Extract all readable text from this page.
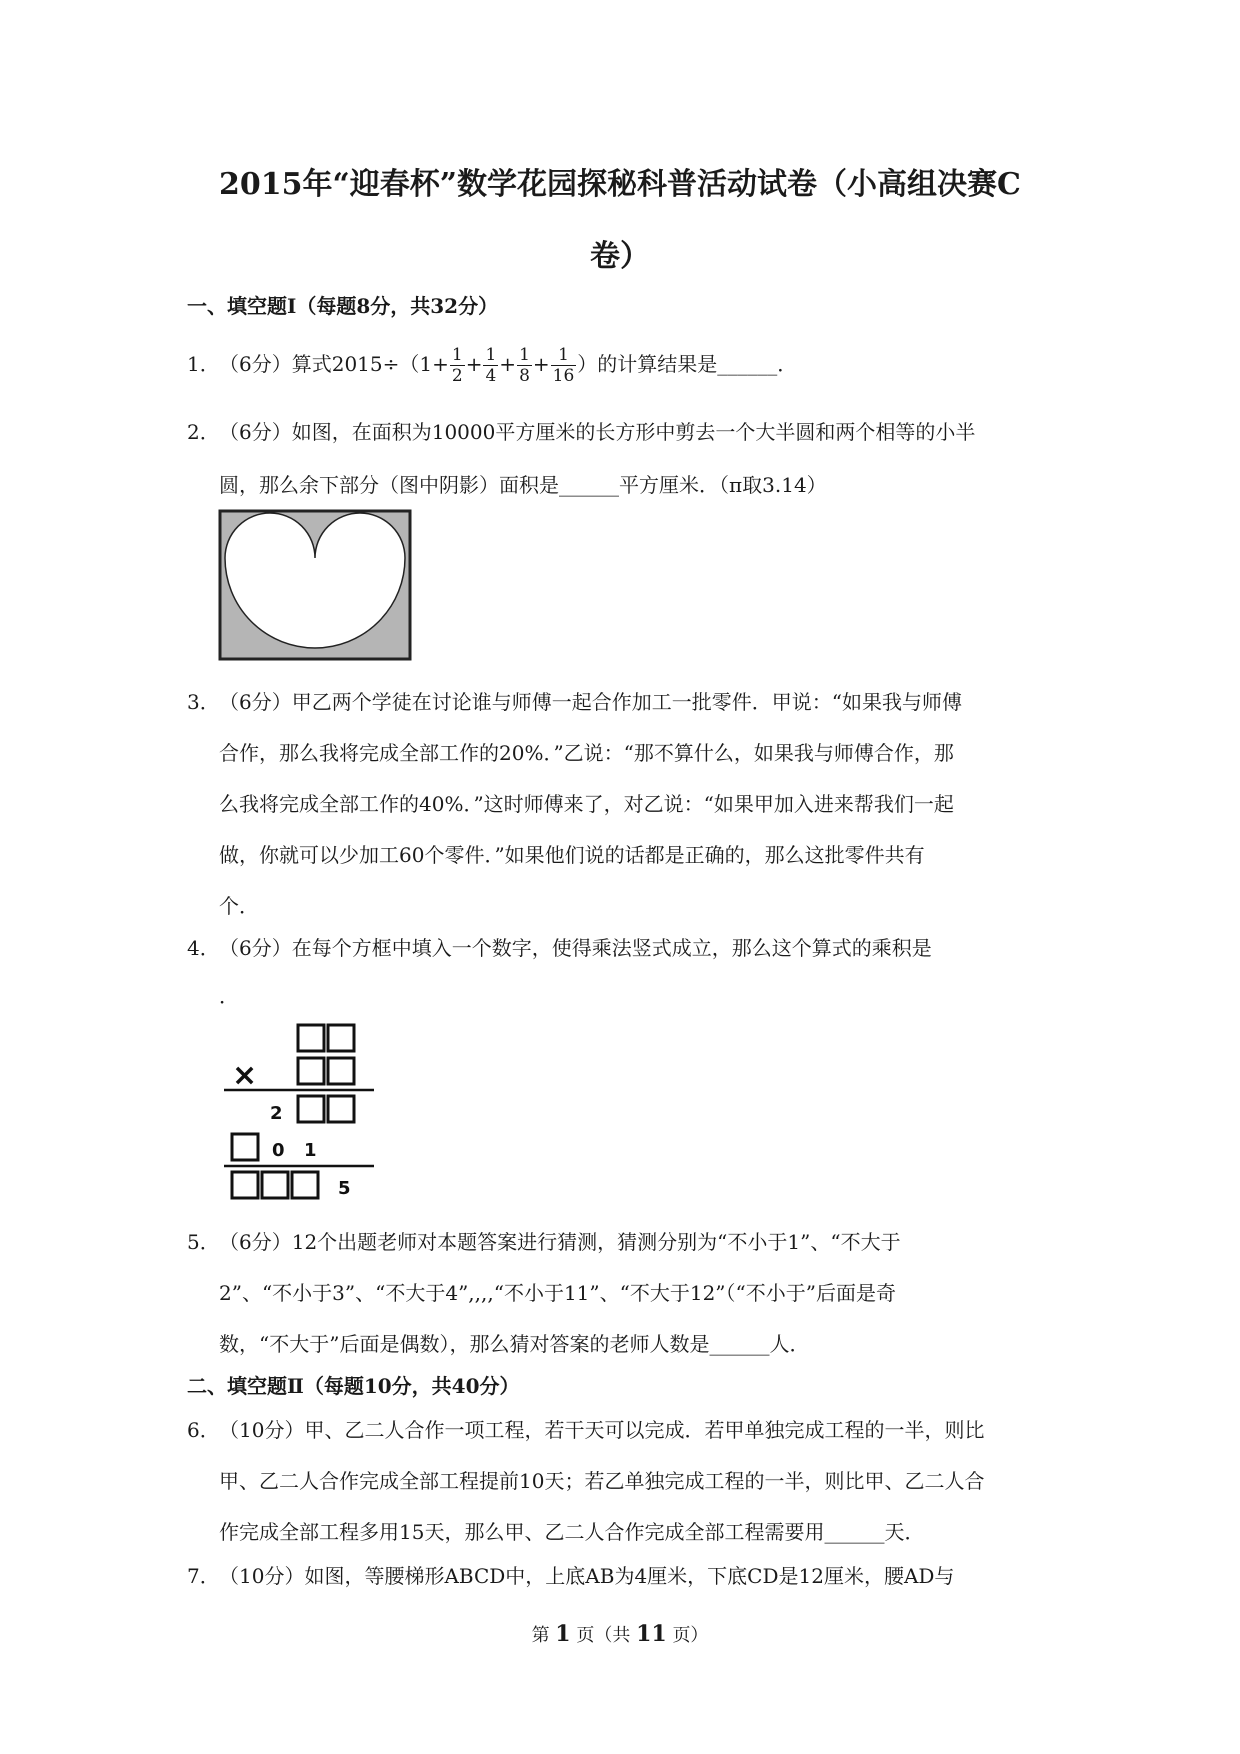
2015年“迎春杯”数学花园探秘科普活动试卷（小高组决赛C
卷）
一、填空题Ⅰ（每题8分，共32分）
1．（6分）算式$2015\div(1+ \frac{1}{2} + \frac{1}{4} + \frac{1}{8} + \frac{1}{16}$ ）的计算结果是______．
2．（6分）如图，在面积为10000平方厘米的长方形中剪去一个大半圆和两个相等的小半
圆，那么余下部分（图中阴影）面积是______平方厘米．（π取3.14）
3．（6分）甲乙两个学徒在讨论谁与师傅一起合作加工一批零件．甲说：“如果我与师傅
合作，那么我将完成全部工作的20%．”乙说：“那不算什么，如果我与师傅合作，那
么我将完成全部工作的40%．”这时师傅来了，对乙说：“如果甲加入进来帮我们一起
做，你就可以少加工60个零件．”如果他们说的话都是正确的，那么这批零件共有
个．
4．（6分）在每个方框中填入一个数字，使得乘法竖式成立，那么这个算式的乘积是
．
×
2
0 1
5
5．（6分）12个出题老师对本题答案进行猜测，猜测分别为“不小于1”、“不大于
2”、“不小于3”、“不大于4”,,,,“不小于11”、“不大于12”（“不小于”后面是奇
数，“不大于”后面是偶数），那么猜对答案的老师人数是______人．
二、填空题Ⅱ（每题10分，共40分）
6．（10分）甲、乙二人合作一项工程，若干天可以完成．若甲单独完成工程的一半，则比
甲、乙二人合作完成全部工程提前10天；若乙单独完成工程的一半，则比甲、乙二人合
作完成全部工程多用15天，那么甲、乙二人合作完成全部工程需要用______天．
7．（10分）如图，等腰梯形ABCD中，上底AB为4厘米，下底CD是12厘米，腰AD与
第 1 页（共 11 页）
